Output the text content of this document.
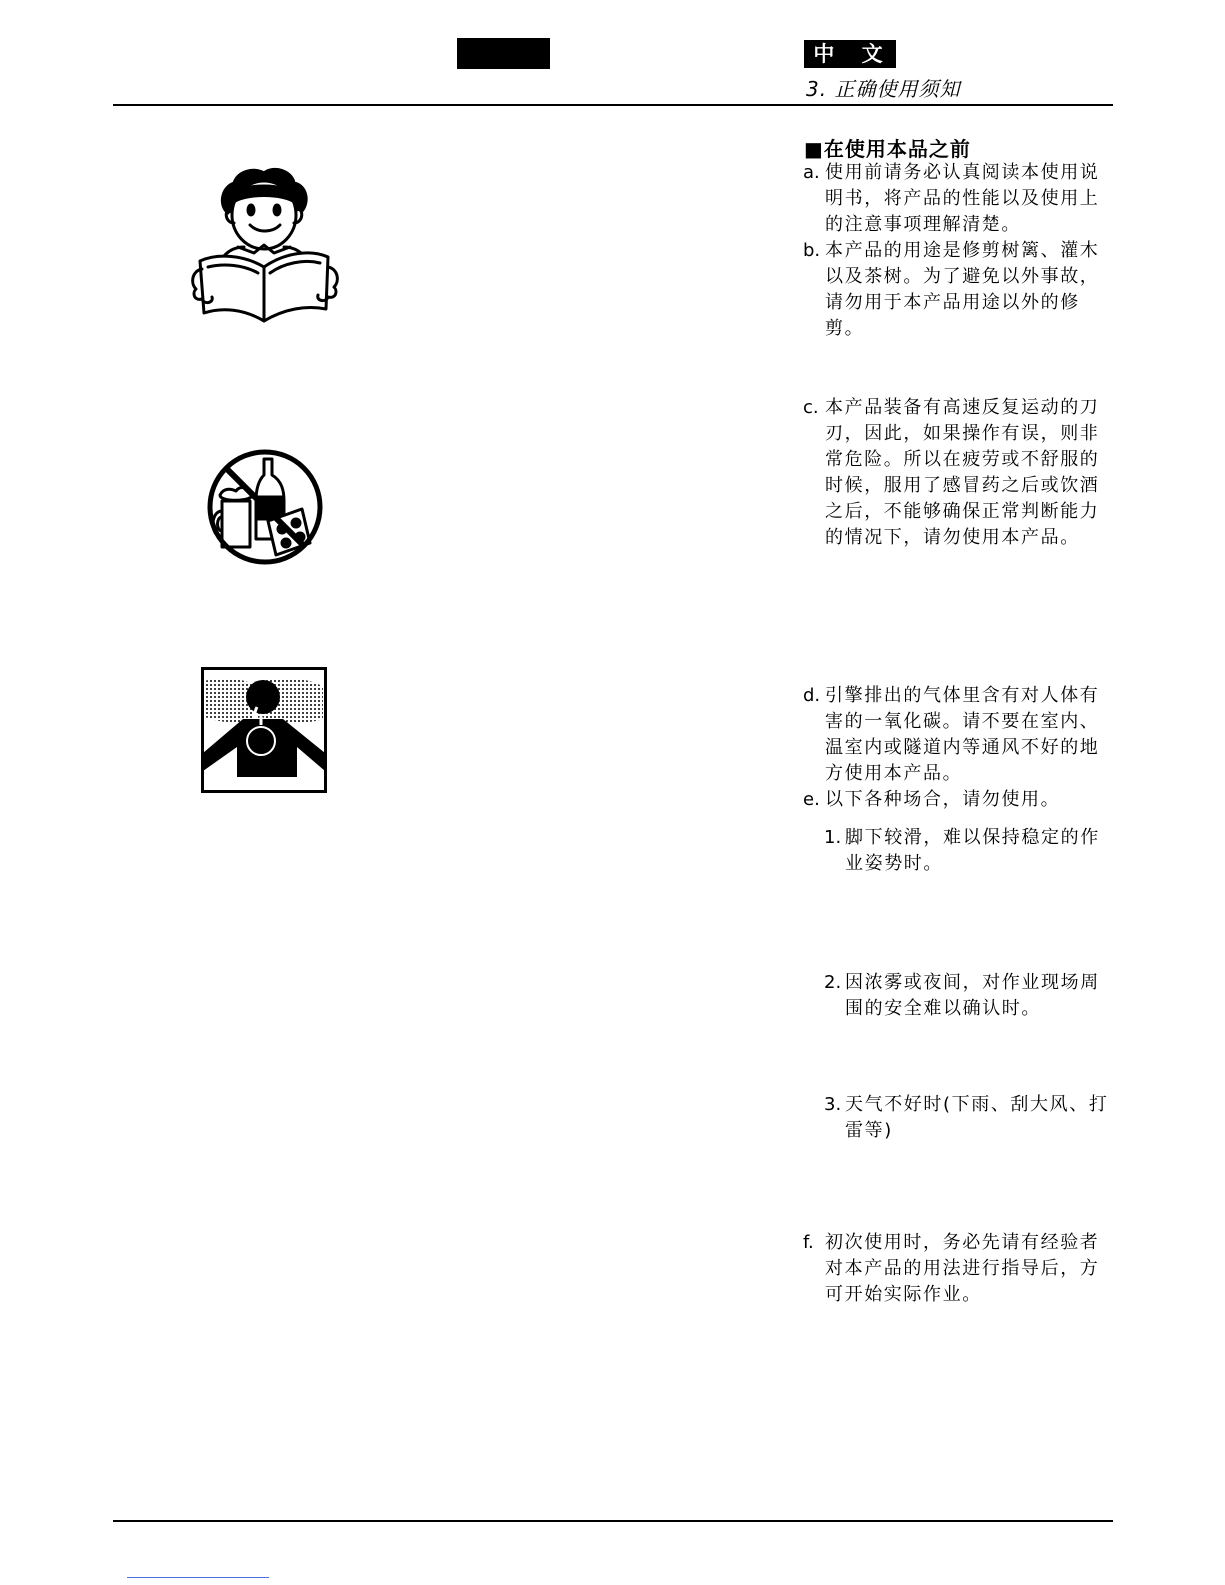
中 文
3. 正确使用须知
■在使用本品之前

a. 使用前请务必认真阅读本使用说明书，将产品的性能以及使用上的注意事项理解清楚。

b. 本产品的用途是修剪树篱、灌木以及茶树。为了避免以外事故，请勿用于本产品用途以外的修剪。

c. 本产品装备有高速反复运动的刀刃，因此，如果操作有误，则非常危险。所以在疲劳或不舒服的时候，服用了感冒药之后或饮酒之后，不能够确保正常判断能力的情况下，请勿使用本产品。

d. 引擎排出的气体里含有对人体有害的一氧化碳。请不要在室内、温室内或隧道内等通风不好的地方使用本产品。

e. 以下各种场合，请勿使用。

1. 脚下较滑，难以保持稳定的作业姿势时。

2. 因浓雾或夜间，对作业现场周围的安全难以确认时。

3. 天气不好时(下雨、刮大风、打雷等)

f. 初次使用时，务必先请有经验者对本产品的用法进行指导后，方可开始实际作业。
